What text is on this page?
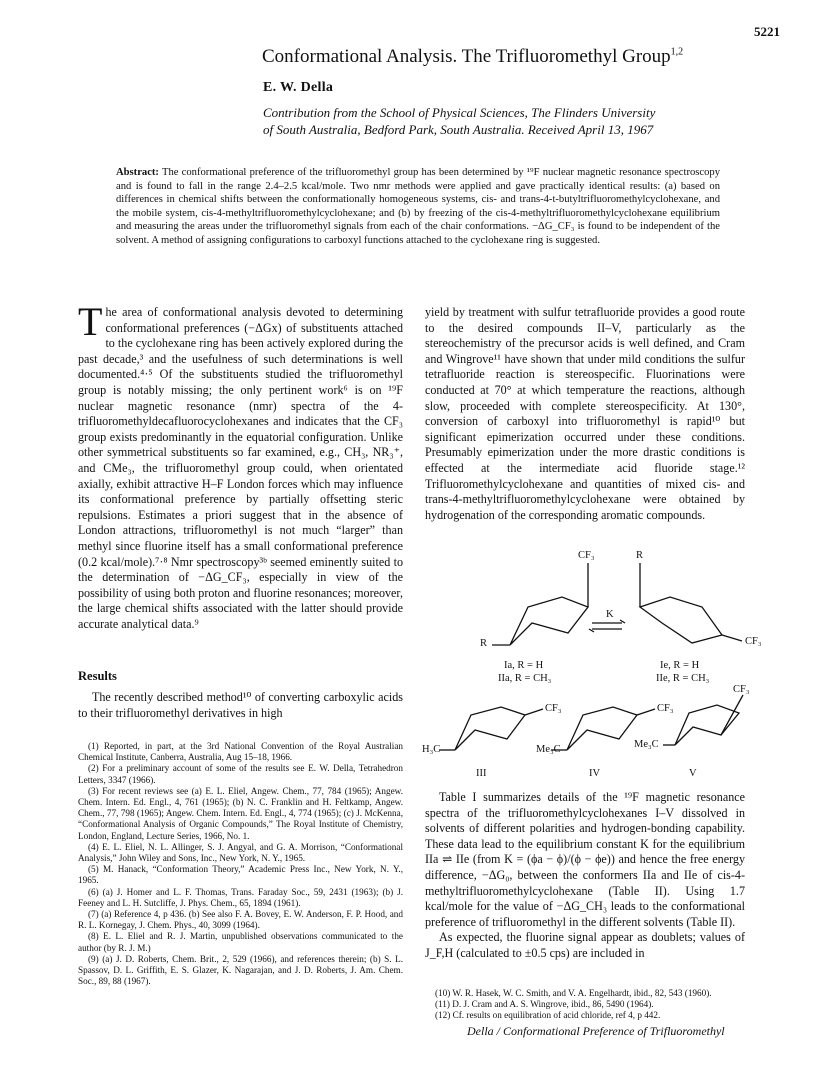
5221
Conformational Analysis. The Trifluoromethyl Group$^{1,2}$
E. W. Della
Contribution from the School of Physical Sciences, The Flinders University
of South Australia, Bedford Park, South Australia. Received April 13, 1967
Abstract: The conformational preference of the trifluoromethyl group has been determined by ¹⁹F nuclear magnetic resonance spectroscopy and is found to fall in the range 2.4–2.5 kcal/mole. Two nmr methods were applied and gave practically identical results: (a) based on differences in chemical shifts between the conformationally homogeneous systems, cis- and trans-4-t-butyltrifluoromethylcyclohexane, and the mobile system, cis-4-methyltrifluoromethylcyclohexane; and (b) by freezing of the cis-4-methyltrifluoromethylcyclohexane equilibrium and measuring the areas under the trifluoromethyl signals from each of the chair conformations. −ΔG_CF₃ is found to be independent of the solvent. A method of assigning configurations to carboxyl functions attached to the cyclohexane ring is suggested.

The area of conformational analysis devoted to determining conformational preferences (−ΔGx) of substituents attached to the cyclohexane ring has been actively explored during the past decade,³ and the usefulness of such determinations is well documented.⁴·⁵ Of the substituents studied the trifluoromethyl group is notably missing; the only pertinent work⁶ is on ¹⁹F nuclear magnetic resonance (nmr) spectra of the 4-trifluoromethyldecafluorocyclohexanes and indicates that the CF₃ group exists predominantly in the equatorial configuration. Unlike other symmetrical substituents so far examined, e.g., CH₃, NR₃⁺, and CMe₃, the trifluoromethyl group could, when orientated axially, exhibit attractive H–F London forces which may influence its conformational preference by partially offsetting steric repulsions. Estimates a priori suggest that in the absence of London attractions, trifluoromethyl is not much “larger” than methyl since fluorine itself has a small conformational preference (0.2 kcal/mole).⁷·⁸ Nmr spectroscopy³ᵇ seemed eminently suited to the determination of −ΔG_CF₃, especially in view of the possibility of using both proton and fluorine resonances; moreover, the large chemical shifts associated with the latter should provide accurate analytical data.⁹

Results

The recently described method¹⁰ of converting carboxylic acids to their trifluoromethyl derivatives in high

yield by treatment with sulfur tetrafluoride provides a good route to the desired compounds II–V, particularly as the stereochemistry of the precursor acids is well defined, and Cram and Wingrove¹¹ have shown that under mild conditions the sulfur tetrafluoride reaction is stereospecific. Fluorinations were conducted at 70° at which temperature the reactions, although slow, proceeded with complete stereospecificity. At 130°, conversion of carboxyl into trifluoromethyl is rapid¹⁰ but significant epimerization occurred under these conditions. Presumably epimerization under the more drastic conditions is effected at the intermediate acid fluoride stage.¹² Trifluoromethylcyclohexane and quantities of mixed cis- and trans-4-methyltrifluoromethylcyclohexane were obtained by hydrogenation of the corresponding aromatic compounds.

CF₃	R
R
K
CF₃
Ia, R = H
IIa, R = CH₃
Ie, R = H
IIe, R = CH₃
CF₃
H₃C
CF₃
Me₃C
CF₃
Me₃C
III	IV	V

Table I summarizes details of the ¹⁹F magnetic resonance spectra of the trifluoromethylcyclohexanes I–V dissolved in solvents of different polarities and hydrogen-bonding capability. These data lead to the equilibrium constant K for the equilibrium IIa ⇌ IIe (from K = (ϕa − ϕ)/(ϕ − ϕe)) and hence the free energy difference, −ΔG₀, between the conformers IIa and IIe of cis-4-methyltrifluoromethylcyclohexane (Table II). Using 1.7 kcal/mole for the value of −ΔG_CH₃ leads to the conformational preference of trifluoromethyl in the different solvents (Table II).

As expected, the fluorine signal appear as doublets; values of J_F,H (calculated to ±0.5 cps) are included in

(1) Reported, in part, at the 3rd National Convention of the Royal Australian Chemical Institute, Canberra, Australia, Aug 15–18, 1966.

(2) For a preliminary account of some of the results see E. W. Della, Tetrahedron Letters, 3347 (1966).

(3) For recent reviews see (a) E. L. Eliel, Angew. Chem., 77, 784 (1965); Angew. Chem. Intern. Ed. Engl., 4, 761 (1965); (b) N. C. Franklin and H. Feltkamp, Angew. Chem., 77, 798 (1965); Angew. Chem. Intern. Ed. Engl., 4, 774 (1965); (c) J. McKenna, “Conformational Analysis of Organic Compounds,” The Royal Institute of Chemistry, London, England, Lecture Series, 1966, No. 1.

(4) E. L. Eliel, N. L. Allinger, S. J. Angyal, and G. A. Morrison, “Conformational Analysis,” John Wiley and Sons, Inc., New York, N. Y., 1965.

(5) M. Hanack, “Conformation Theory,” Academic Press Inc., New York, N. Y., 1965.

(6) (a) J. Homer and L. F. Thomas, Trans. Faraday Soc., 59, 2431 (1963); (b) J. Feeney and L. H. Sutcliffe, J. Phys. Chem., 65, 1894 (1961).

(7) (a) Reference 4, p 436. (b) See also F. A. Bovey, E. W. Anderson, F. P. Hood, and R. L. Kornegay, J. Chem. Phys., 40, 3099 (1964).

(8) E. L. Eliel and R. J. Martin, unpublished observations communicated to the author (by R. J. M.)

(9) (a) J. D. Roberts, Chem. Brit., 2, 529 (1966), and references therein; (b) S. L. Spassov, D. L. Griffith, E. S. Glazer, K. Nagarajan, and J. D. Roberts, J. Am. Chem. Soc., 89, 88 (1967).

(10) W. R. Hasek, W. C. Smith, and V. A. Engelhardt, ibid., 82, 543 (1960).

(11) D. J. Cram and A. S. Wingrove, ibid., 86, 5490 (1964).

(12) Cf. results on equilibration of acid chloride, ref 4, p 442.

Della / Conformational Preference of Trifluoromethyl
